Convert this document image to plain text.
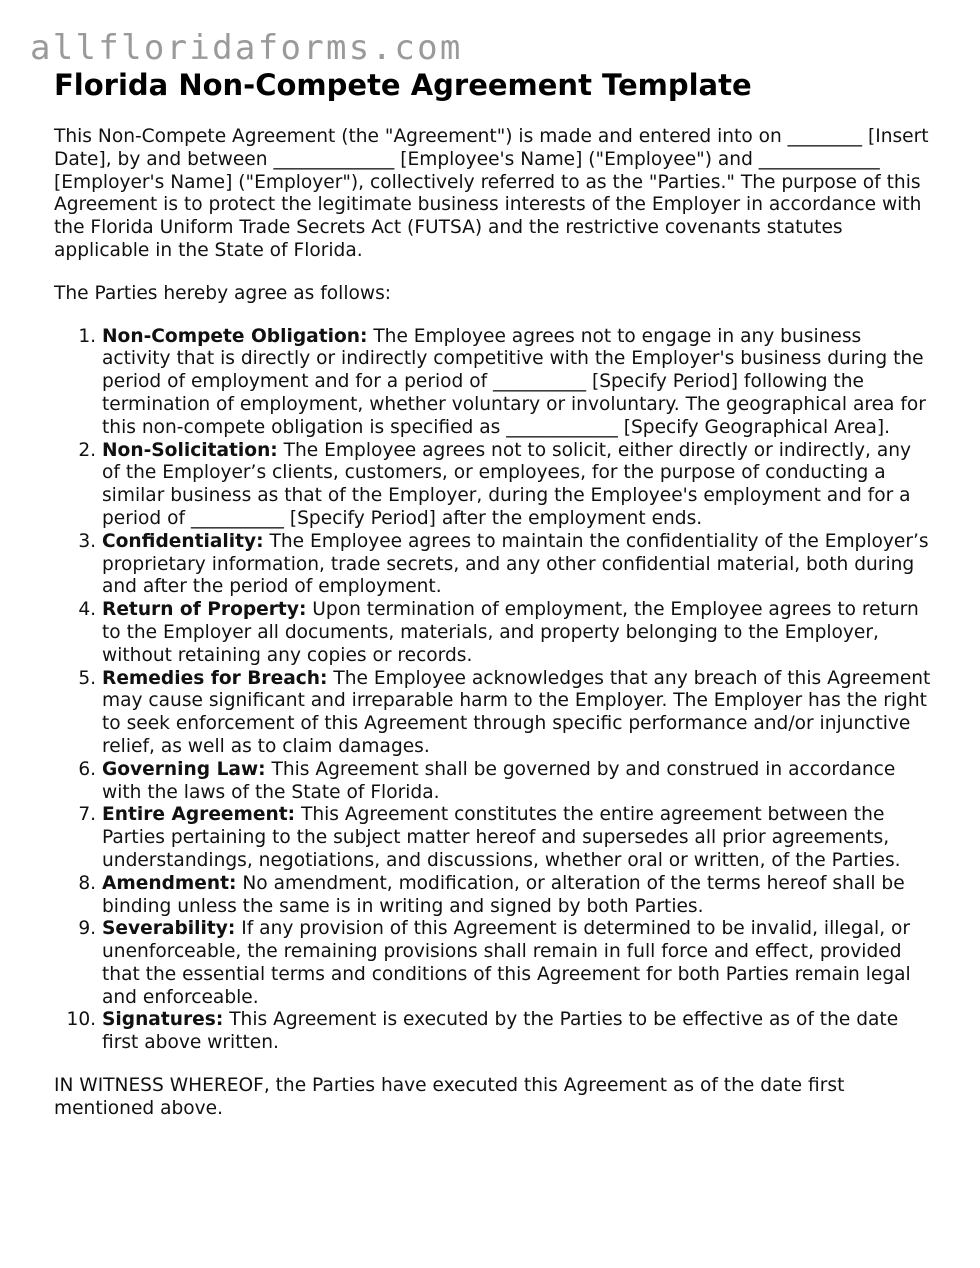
allfloridaforms.com
Florida Non-Compete Agreement Template

This Non-Compete Agreement (the "Agreement") is made and entered into on ________ [Insert Date], by and between _____________ [Employee's Name] ("Employee") and _____________ [Employer's Name] ("Employer"), collectively referred to as the "Parties." The purpose of this Agreement is to protect the legitimate business interests of the Employer in accordance with the Florida Uniform Trade Secrets Act (FUTSA) and the restrictive covenants statutes applicable in the State of Florida.

The Parties hereby agree as follows:

1. Non-Compete Obligation: The Employee agrees not to engage in any business activity that is directly or indirectly competitive with the Employer's business during the period of employment and for a period of __________ [Specify Period] following the termination of employment, whether voluntary or involuntary. The geographical area for this non-compete obligation is specified as ____________ [Specify Geographical Area].
2. Non-Solicitation: The Employee agrees not to solicit, either directly or indirectly, any of the Employer’s clients, customers, or employees, for the purpose of conducting a similar business as that of the Employer, during the Employee's employment and for a period of __________ [Specify Period] after the employment ends.
3. Confidentiality: The Employee agrees to maintain the confidentiality of the Employer’s proprietary information, trade secrets, and any other confidential material, both during and after the period of employment.
4. Return of Property: Upon termination of employment, the Employee agrees to return to the Employer all documents, materials, and property belonging to the Employer, without retaining any copies or records.
5. Remedies for Breach: The Employee acknowledges that any breach of this Agreement may cause significant and irreparable harm to the Employer. The Employer has the right to seek enforcement of this Agreement through specific performance and/or injunctive relief, as well as to claim damages.
6. Governing Law: This Agreement shall be governed by and construed in accordance with the laws of the State of Florida.
7. Entire Agreement: This Agreement constitutes the entire agreement between the Parties pertaining to the subject matter hereof and supersedes all prior agreements, understandings, negotiations, and discussions, whether oral or written, of the Parties.
8. Amendment: No amendment, modification, or alteration of the terms hereof shall be binding unless the same is in writing and signed by both Parties.
9. Severability: If any provision of this Agreement is determined to be invalid, illegal, or unenforceable, the remaining provisions shall remain in full force and effect, provided that the essential terms and conditions of this Agreement for both Parties remain legal and enforceable.
10. Signatures: This Agreement is executed by the Parties to be effective as of the date first above written.

IN WITNESS WHEREOF, the Parties have executed this Agreement as of the date first mentioned above.
